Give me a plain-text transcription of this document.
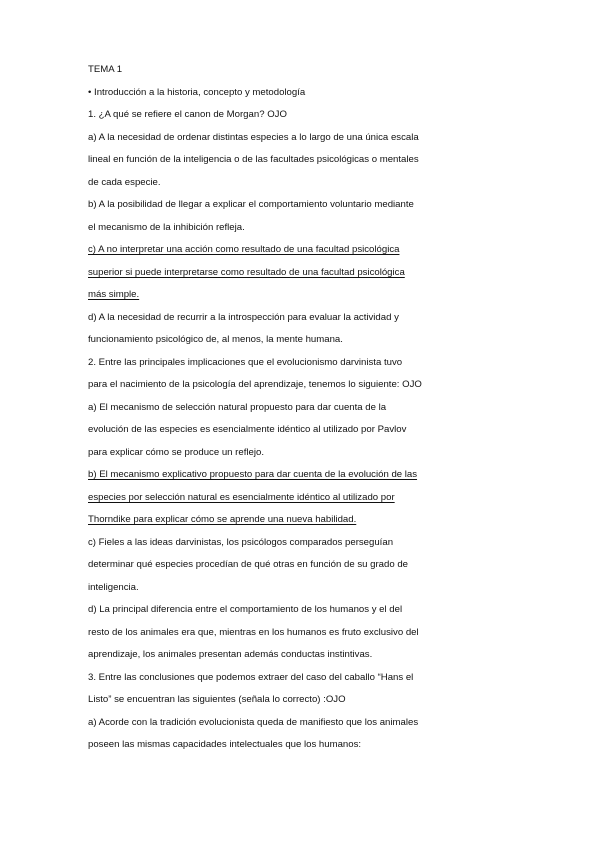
TEMA 1
• Introducción a la historia, concepto y metodología
1. ¿A qué se refiere el canon de Morgan? OJO
a) A la necesidad de ordenar distintas especies a lo largo de una única escala
lineal en función de la inteligencia o de las facultades psicológicas o mentales
de cada especie.
b) A la posibilidad de llegar a explicar el comportamiento voluntario mediante
el mecanismo de la inhibición refleja.
c) A no interpretar una acción como resultado de una facultad psicológica
superior si puede interpretarse como resultado de una facultad psicológica
más simple.
d) A la necesidad de recurrir a la introspección para evaluar la actividad y
funcionamiento psicológico de, al menos, la mente humana.
2. Entre las principales implicaciones que el evolucionismo darvinista tuvo
para el nacimiento de la psicología del aprendizaje, tenemos lo siguiente: OJO
a) El mecanismo de selección natural propuesto para dar cuenta de la
evolución de las especies es esencialmente idéntico al utilizado por Pavlov
para explicar cómo se produce un reflejo.
b) El mecanismo explicativo propuesto para dar cuenta de la evolución de las
especies por selección natural es esencialmente idéntico al utilizado por
Thorndike para explicar cómo se aprende una nueva habilidad.
c) Fieles a las ideas darvinistas, los psicólogos comparados perseguían
determinar qué especies procedían de qué otras en función de su grado de
inteligencia.
d) La principal diferencia entre el comportamiento de los humanos y el del
resto de los animales era que, mientras en los humanos es fruto exclusivo del
aprendizaje, los animales presentan además conductas instintivas.
3. Entre las conclusiones que podemos extraer del caso del caballo “Hans el
Listo” se encuentran las siguientes (señala lo correcto) :OJO
a) Acorde con la tradición evolucionista queda de manifiesto que los animales
poseen las mismas capacidades intelectuales que los humanos:
